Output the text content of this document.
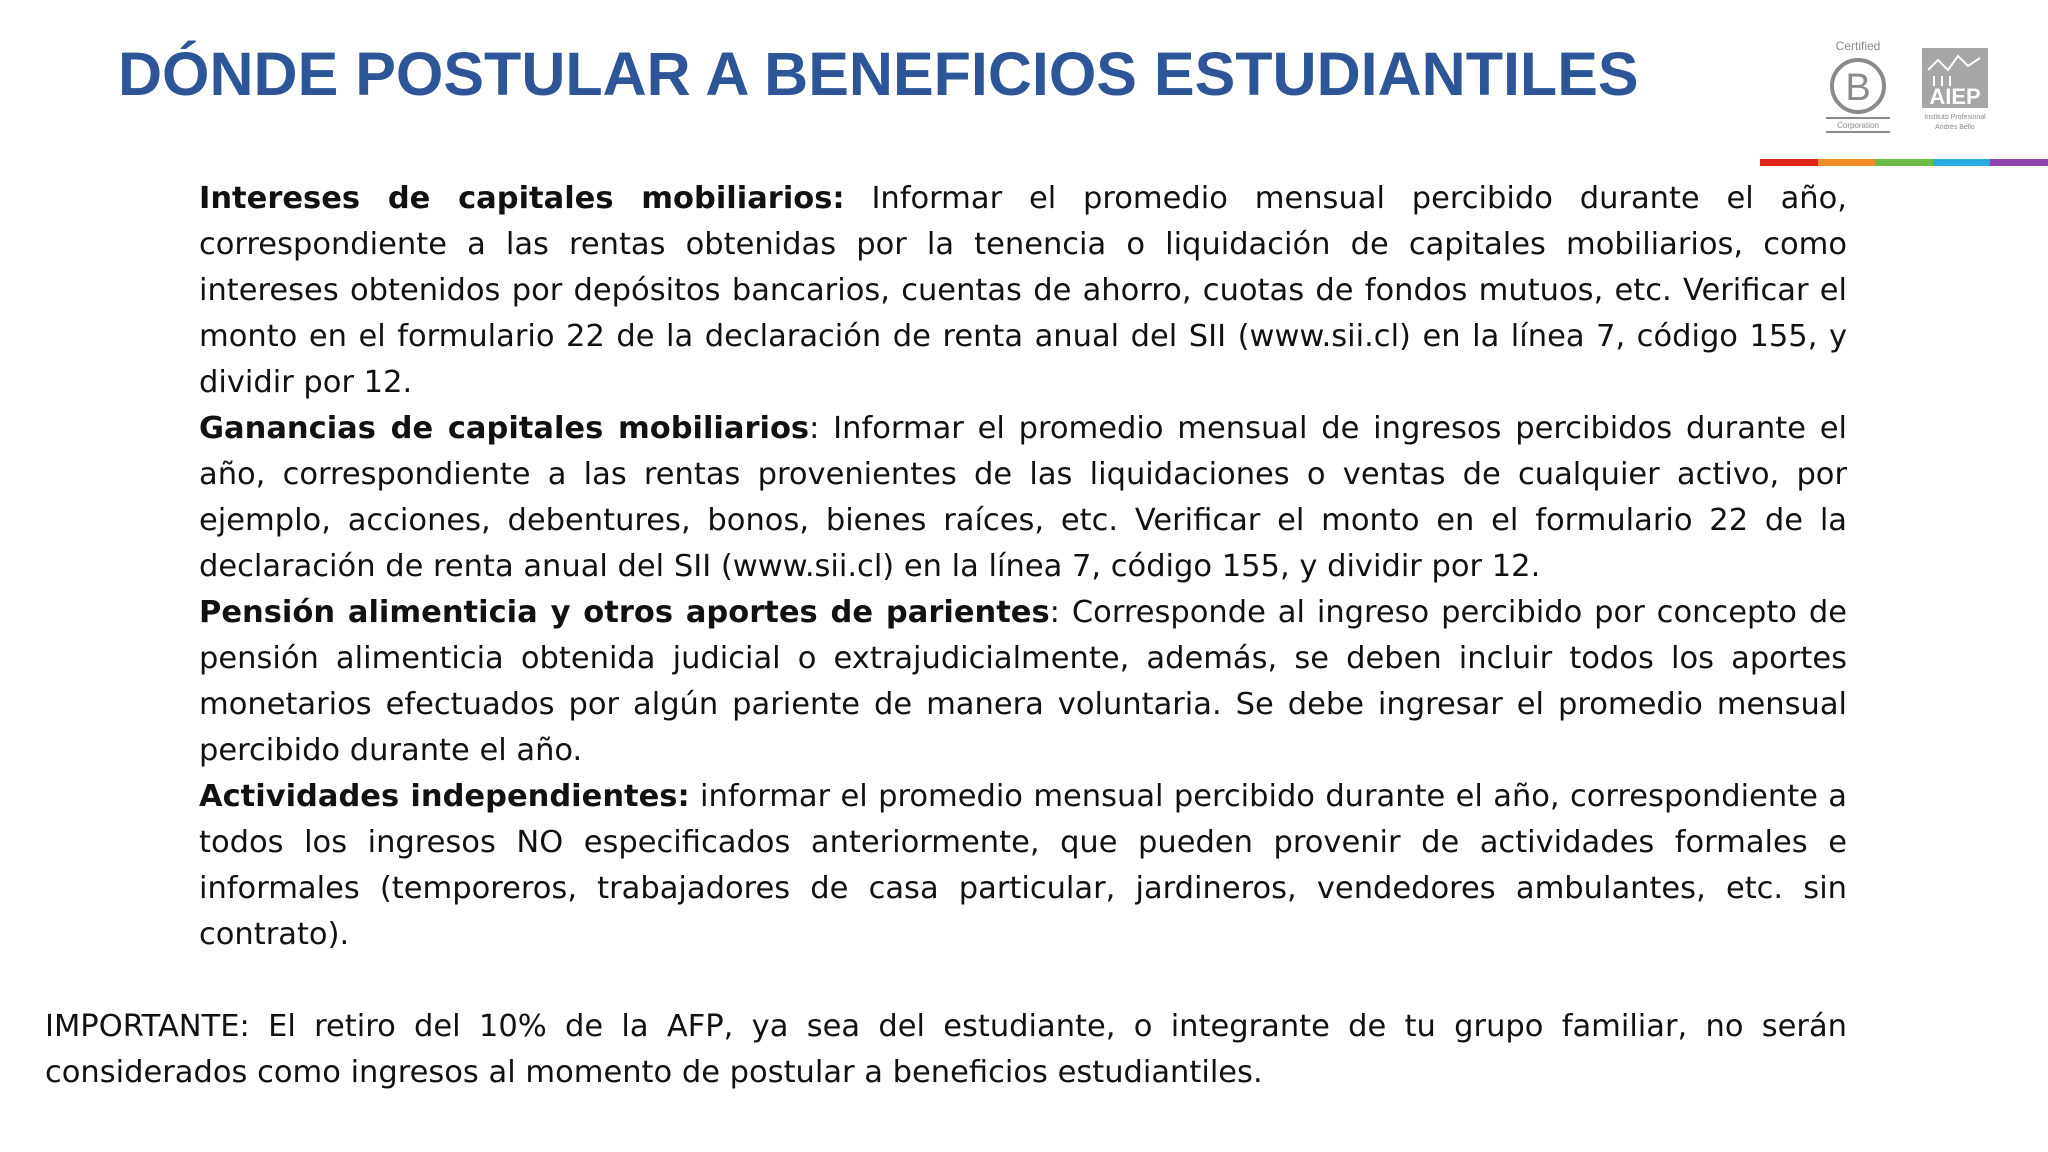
DÓNDE POSTULAR A BENEFICIOS ESTUDIANTILES	Certified
B
Corporation
AIEP
Instituto Profesional
Andrés Bello

Intereses de capitales mobiliarios: Informar el promedio mensual percibido durante el año, correspondiente a las rentas obtenidas por la tenencia o liquidación de capitales mobiliarios, como intereses obtenidos por depósitos bancarios, cuentas de ahorro, cuotas de fondos mutuos, etc. Verificar el monto en el formulario 22 de la declaración de renta anual del SII (www.sii.cl) en la línea 7, código 155, y dividir por 12.

Ganancias de capitales mobiliarios: Informar el promedio mensual de ingresos percibidos durante el año, correspondiente a las rentas provenientes de las liquidaciones o ventas de cualquier activo, por ejemplo, acciones, debentures, bonos, bienes raíces, etc. Verificar el monto en el formulario 22 de la declaración de renta anual del SII (www.sii.cl) en la línea 7, código 155, y dividir por 12.

Pensión alimenticia y otros aportes de parientes: Corresponde al ingreso percibido por concepto de pensión alimenticia obtenida judicial o extrajudicialmente, además, se deben incluir todos los aportes monetarios efectuados por algún pariente de manera voluntaria. Se debe ingresar el promedio mensual percibido durante el año.

Actividades independientes: informar el promedio mensual percibido durante el año, correspondiente a todos los ingresos NO especificados anteriormente, que pueden provenir de actividades formales e informales (temporeros, trabajadores de casa particular, jardineros, vendedores ambulantes, etc. sin contrato).

IMPORTANTE: El retiro del 10% de la AFP, ya sea del estudiante, o integrante de tu grupo familiar, no serán considerados como ingresos al momento de postular a beneficios estudiantiles.
